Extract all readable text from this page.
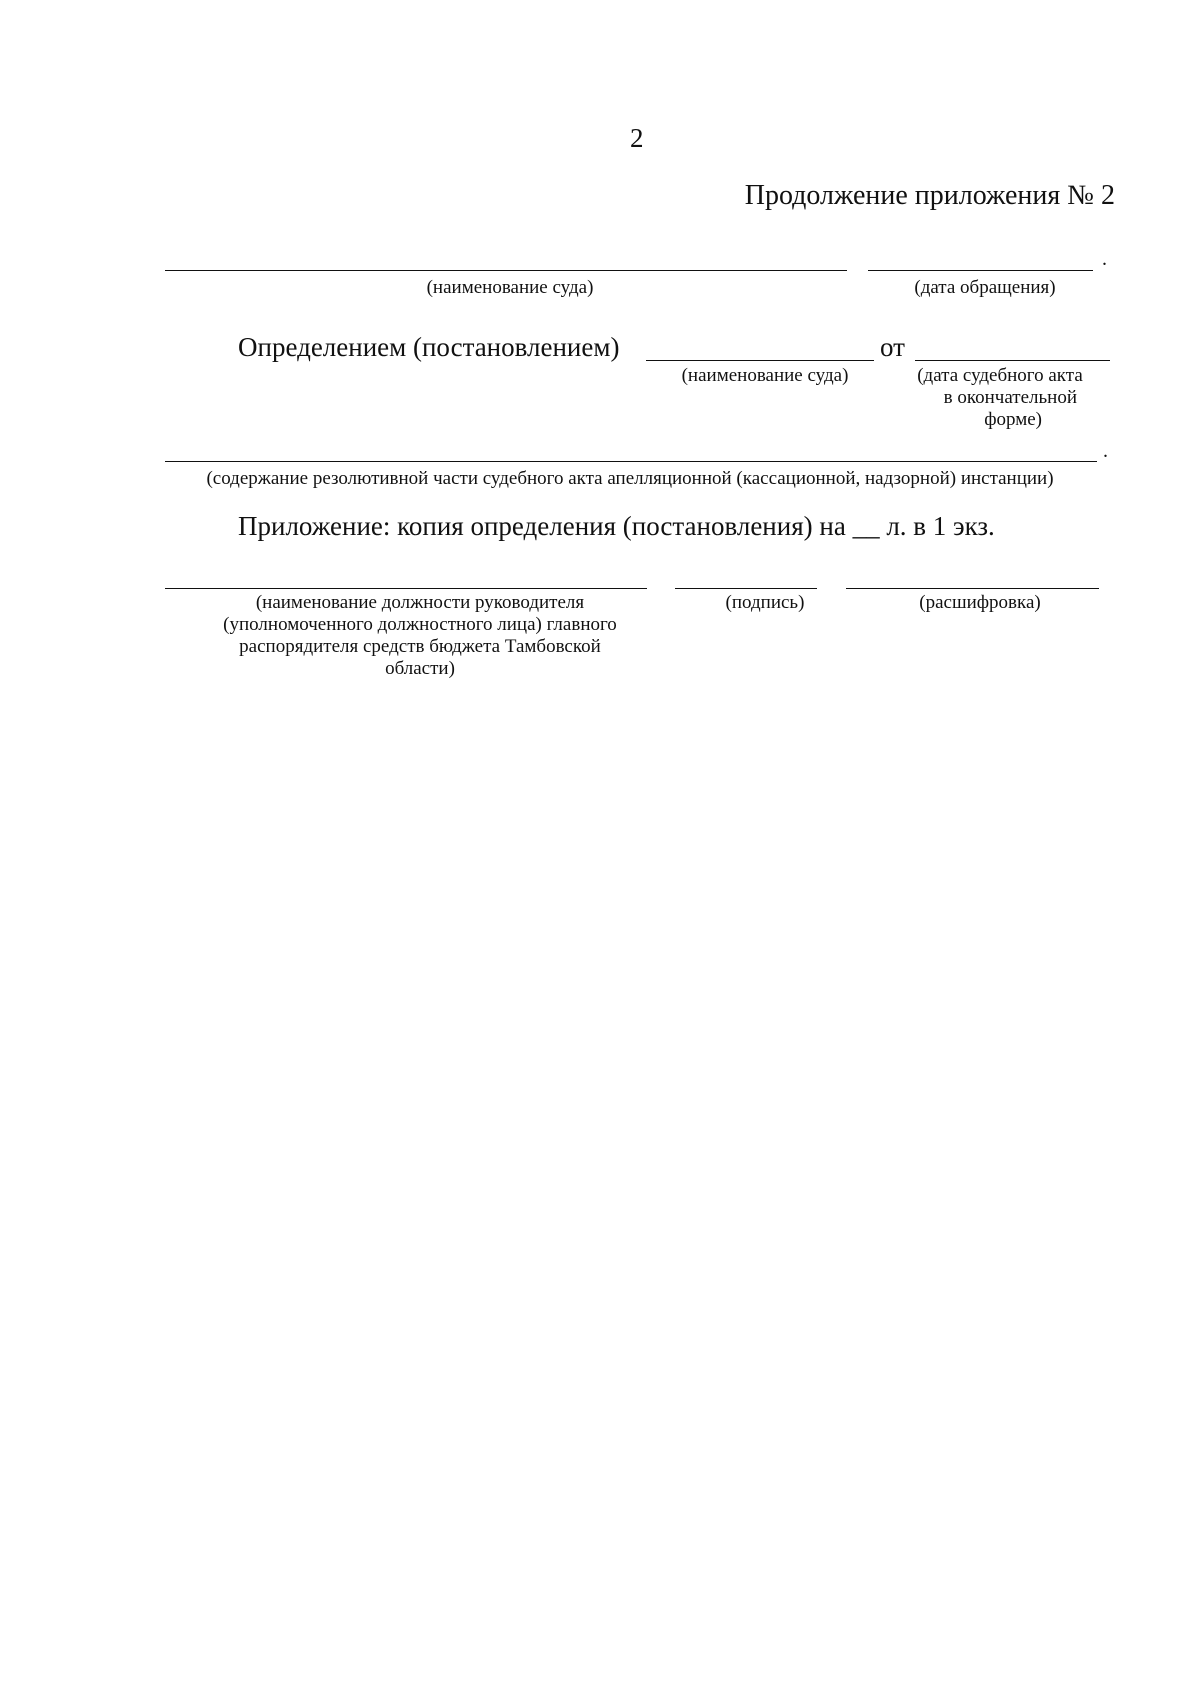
2
Продолжение приложения № 2
.
(наименование суда)	(дата обращения)
Определением (постановлением)	от
(наименование суда)	(дата судебного акта
в окончательной
форме)
.
(содержание резолютивной части судебного акта апелляционной (кассационной, надзорной) инстанции)
Приложение: копия определения (постановления) на __ л. в 1 экз.
(наименование должности руководителя
(уполномоченного должностного лица) главного
распорядителя средств бюджета Тамбовской
области)
(подпись)	(расшифровка)
